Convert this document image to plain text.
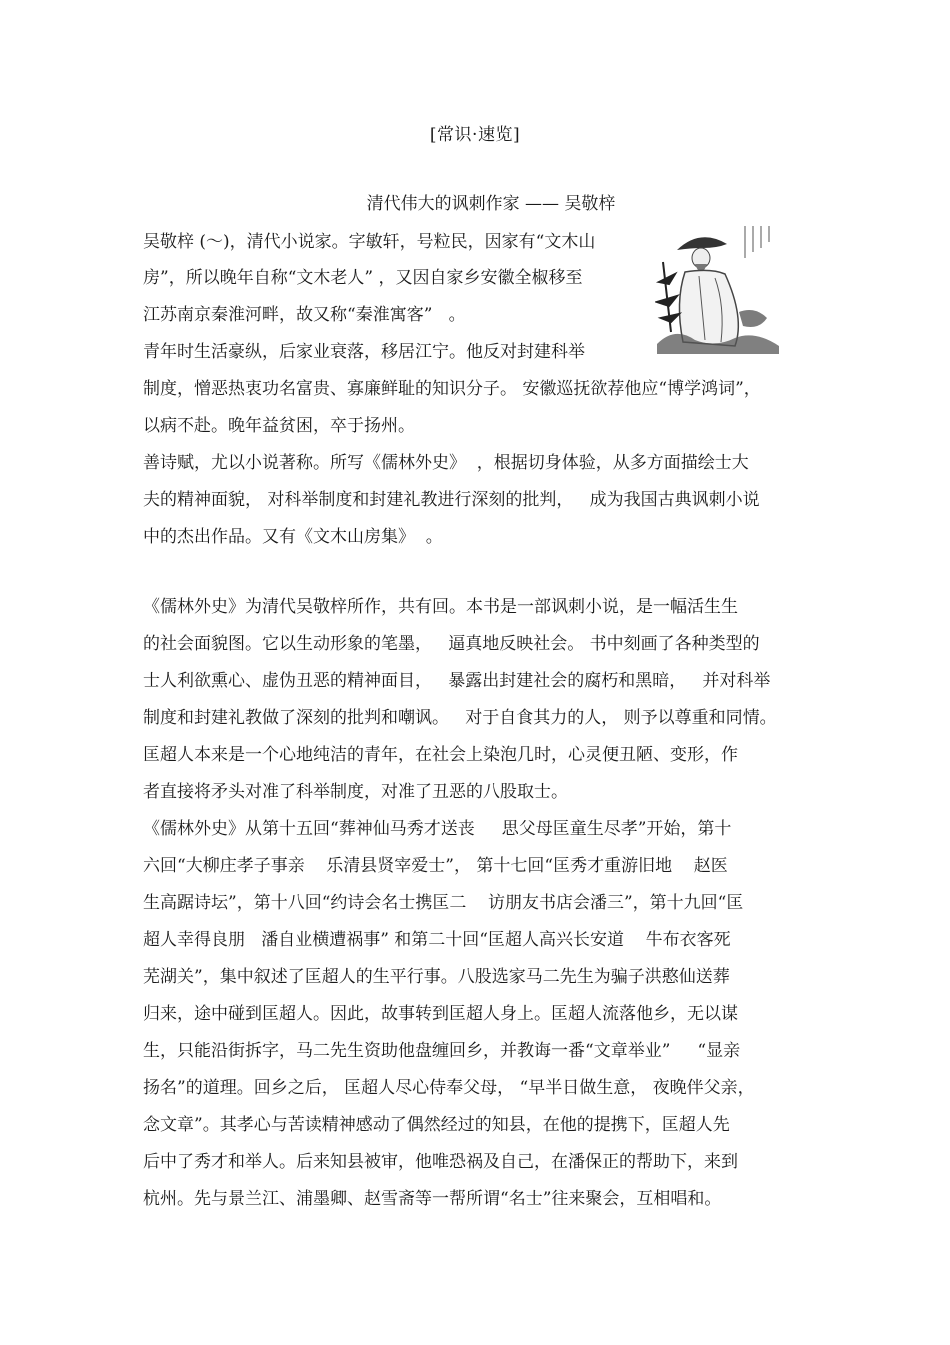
[常识·速览]
清代伟大的讽刺作家 —— 吴敬梓
吴敬梓 (～)，清代小说家。字敏轩，号粒民，因家有“文木山
房”，所以晚年自称“文木老人” ，又因自家乡安徽全椒移至
江苏南京秦淮河畔，故又称“秦淮寓客”   。
青年时生活豪纵，后家业衰落，移居江宁。他反对封建科举
制度，憎恶热衷功名富贵、寡廉鲜耻的知识分子。 安徽巡抚欲荐他应“博学鸿词”，
以病不赴。晚年益贫困，卒于扬州。
善诗赋，尤以小说著称。所写《儒林外史》  ，根据切身体验，从多方面描绘士大
夫的精神面貌， 对科举制度和封建礼教进行深刻的批判，   成为我国古典讽刺小说
中的杰出作品。又有《文木山房集》  。
《儒林外史》为清代吴敬梓所作，共有回。本书是一部讽刺小说，是一幅活生生
的社会面貌图。它以生动形象的笔墨，   逼真地反映社会。 书中刻画了各种类型的
士人利欲熏心、虚伪丑恶的精神面目，   暴露出封建社会的腐朽和黑暗，   并对科举
制度和封建礼教做了深刻的批判和嘲讽。   对于自食其力的人， 则予以尊重和同情。
匡超人本来是一个心地纯洁的青年，在社会上染泡几时，心灵便丑陋、变形，作
者直接将矛头对准了科举制度，对准了丑恶的八股取士。
《儒林外史》从第十五回“葬神仙马秀才送丧     思父母匡童生尽孝”开始，第十
六回“大柳庄孝子事亲    乐清县贤宰爱士”， 第十七回“匡秀才重游旧地    赵医
生高踞诗坛”，第十八回“约诗会名士携匡二    访朋友书店会潘三”，第十九回“匡
超人幸得良朋   潘自业横遭祸事” 和第二十回“匡超人高兴长安道    牛布衣客死
芜湖关”，集中叙述了匡超人的生平行事。八股选家马二先生为骗子洪憨仙送葬
归来，途中碰到匡超人。因此，故事转到匡超人身上。匡超人流落他乡，无以谋
生，只能沿街拆字，马二先生资助他盘缠回乡，并教诲一番“文章举业”     “显亲
扬名”的道理。回乡之后， 匡超人尽心侍奉父母， “早半日做生意， 夜晚伴父亲，
念文章”。其孝心与苦读精神感动了偶然经过的知县，在他的提携下，匡超人先
后中了秀才和举人。后来知县被审，他唯恐祸及自己，在潘保正的帮助下，来到
杭州。先与景兰江、浦墨卿、赵雪斋等一帮所谓“名士”往来聚会，互相唱和。
